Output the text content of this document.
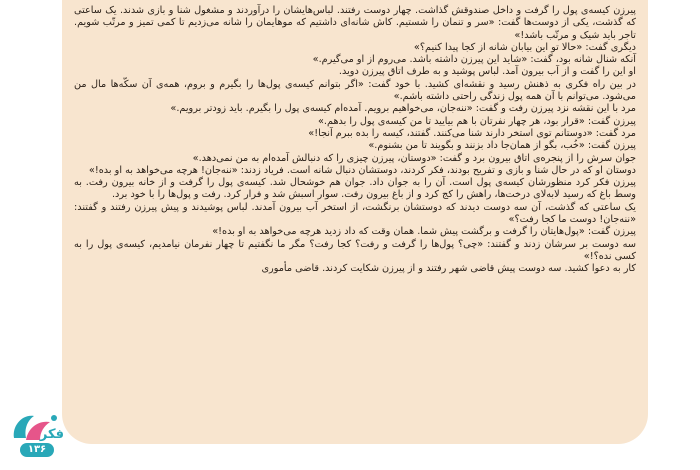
پیرزن کیسه‌ی پول را گرفت و داخل صندوقش گذاشت. چهار دوست رفتند. لباس‌هایشان را درآوردند و مشغول شنا و بازی شدند. یک ساعتی که گذشت، یکی از دوست‌ها گفت: «سر و تنمان را شستیم. کاش شانه‌ای داشتیم که موهایمان را شانه می‌زدیم تا کمی تمیز و مرتّب شویم. تاجر باید شیک و مرتّب باشد!»

دیگری گفت: «حالا تو این بیابان شانه از کجا پیدا کنیم؟»

آنکه شنال شانه بود، گفت: «شاید این پیرزن داشته باشد. می‌روم از او می‌گیرم.»

او این را گفت و از آب بیرون آمد. لباس پوشید و به طرف اتاق پیرزن دوید.

در بین راه فکری به ذهنش رسید و نقشه‌ای کشید. با خود گفت: «اگر بتوانم کیسه‌ی پول‌ها را بگیرم و بروم، همه‌ی آن سکّه‌ها مال من می‌شود. می‌توانم با آن همه پول زندگی راحتی داشته باشم.»

مرد با این نقشه نزد پیرزن رفت و گفت: «ننه‌جان، می‌خواهیم برویم. آمده‌ام کیسه‌ی پول را بگیرم. باید زودتر برویم.»

پیرزن گفت: «قرار بود، هر چهار نفرتان با هم بیایید تا من کیسه‌ی پول را بدهم.»

مرد گفت: «دوستانم توی استخر دارند شنا می‌کنند. گفتند، کیسه را بده ببرم آنجا!»

پیرزن گفت: «خُب، بگو از همان‌جا داد بزنند و بگویند تا من بشنوم.»

جوان سرش را از پنجره‌ی اتاق بیرون برد و گفت: «دوستان، پیرزن چیزی را که دنبالش آمده‌ام به من نمی‌دهد.»

دوستان او که در حال شنا و بازی و تفریح بودند، فکر کردند، دوستشان دنبال شانه است. فریاد زدند: «ننه‌جان! هرچه می‌خواهد به او بده!»

پیرزن فکر کرد منظورشان کیسه‌ی پول است. آن را به جوان داد. جوان هم خوشحال شد. کیسه‌ی پول را گرفت و از خانه بیرون رفت. به وسط باغ که رسید لابه‌لای درخت‌ها، راهش را کج کرد و از باغ بیرون رفت. سوار اسبش شد و فرار کرد. رفت و پول‌ها را با خود برد.

یک ساعتی که گذشت، آن سه دوست دیدند که دوستشان برنگشت، از استخر آب بیرون آمدند. لباس پوشیدند و پیش پیرزن رفتند و گفتند: «ننه‌جان! دوست ما کجا رفت؟»

پیرزن گفت: «پول‌هایتان را گرفت و برگشت پیش شما. همان وقت که داد زدید هرچه می‌خواهد به او بده!»

سه دوست بر سرشان زدند و گفتند: «چی؟ پول‌ها را گرفت و رفت؟ کجا رفت؟ مگر ما نگفتیم تا چهار نفرمان نیامدیم، کیسه‌ی پول را به کسی نده؟!»

کار به دعوا کشید. سه دوست پیش قاضی شهر رفتند و از پیرزن شکایت کردند. قاضی مأموری

فکر
۱۳۶
